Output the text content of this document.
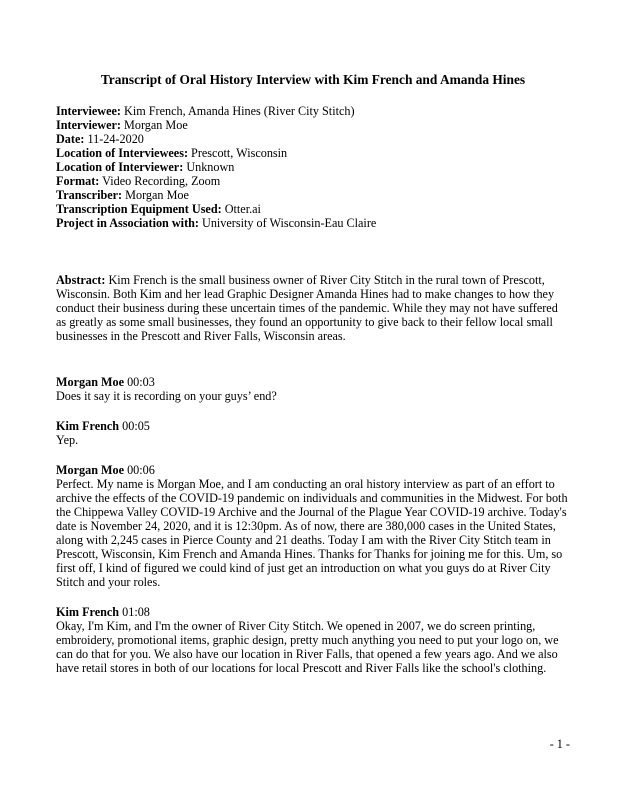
Transcript of Oral History Interview with Kim French and Amanda Hines
Interviewee: Kim French, Amanda Hines (River City Stitch)
Interviewer: Morgan Moe
Date: 11-24-2020
Location of Interviewees: Prescott, Wisconsin
Location of Interviewer: Unknown
Format: Video Recording, Zoom
Transcriber: Morgan Moe
Transcription Equipment Used: Otter.ai
Project in Association with: University of Wisconsin-Eau Claire

Abstract: Kim French is the small business owner of River City Stitch in the rural town of Prescott, Wisconsin. Both Kim and her lead Graphic Designer Amanda Hines had to make changes to how they conduct their business during these uncertain times of the pandemic. While they may not have suffered as greatly as some small businesses, they found an opportunity to give back to their fellow local small businesses in the Prescott and River Falls, Wisconsin areas.

Morgan Moe 00:03

Does it say it is recording on your guys’ end?

Kim French 00:05

Yep.

Morgan Moe 00:06

Perfect. My name is Morgan Moe, and I am conducting an oral history interview as part of an effort to archive the effects of the COVID-19 pandemic on individuals and communities in the Midwest. For both the Chippewa Valley COVID-19 Archive and the Journal of the Plague Year COVID-19 archive. Today's date is November 24, 2020, and it is 12:30pm. As of now, there are 380,000 cases in the United States, along with 2,245 cases in Pierce County and 21 deaths. Today I am with the River City Stitch team in Prescott, Wisconsin, Kim French and Amanda Hines. Thanks for Thanks for joining me for this. Um, so first off, I kind of figured we could kind of just get an introduction on what you guys do at River City Stitch and your roles.

Kim French 01:08

Okay, I'm Kim, and I'm the owner of River City Stitch. We opened in 2007, we do screen printing, embroidery, promotional items, graphic design, pretty much anything you need to put your logo on, we can do that for you. We also have our location in River Falls, that opened a few years ago. And we also have retail stores in both of our locations for local Prescott and River Falls like the school's clothing.

- 1 -
